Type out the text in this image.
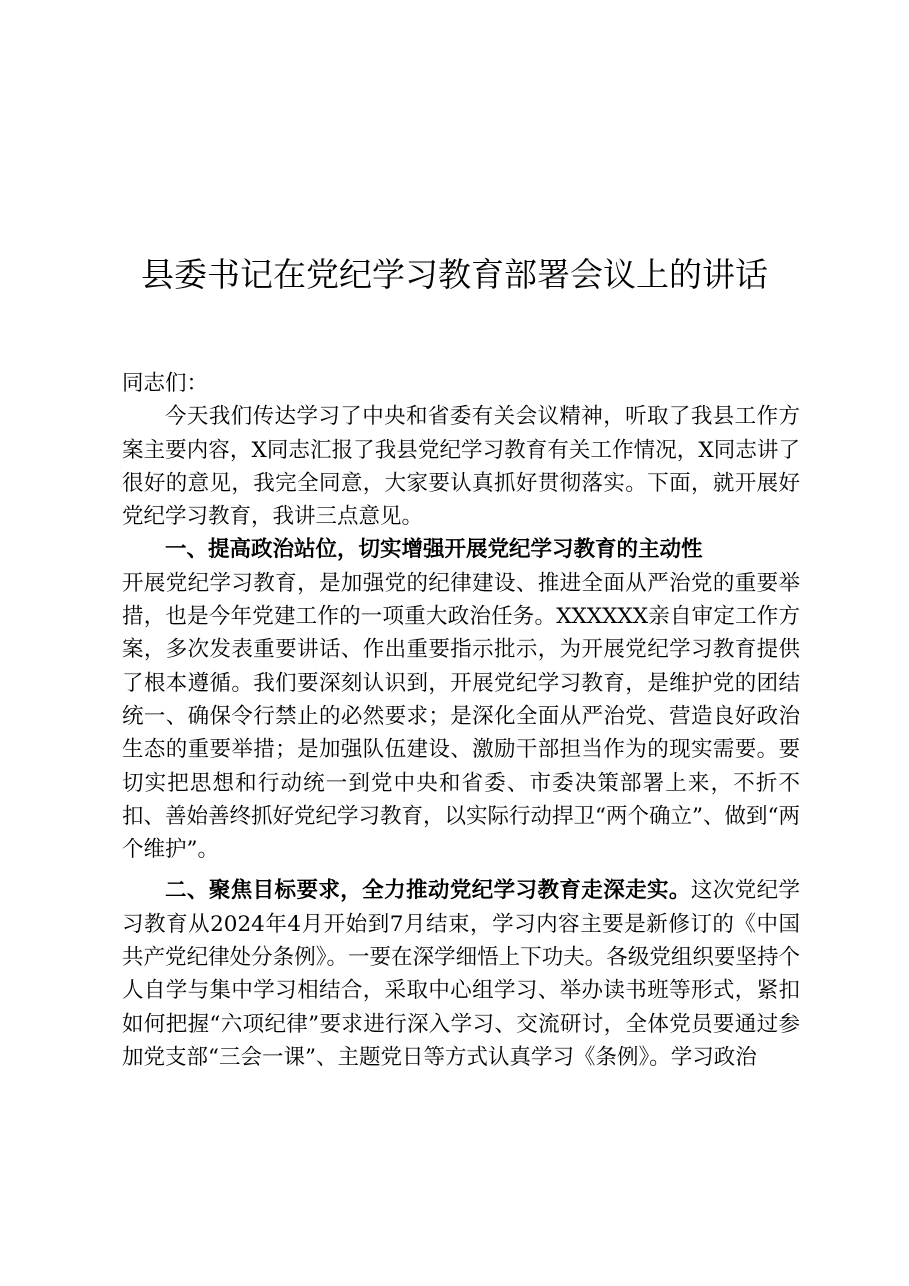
县委书记在党纪学习教育部署会议上的讲话

同志们：

今天我们传达学习了中央和省委有关会议精神，听取了我县工作方案主要内容，X同志汇报了我县党纪学习教育有关工作情况，X同志讲了很好的意见，我完全同意，大家要认真抓好贯彻落实。下面，就开展好党纪学习教育，我讲三点意见。

一、提高政治站位，切实增强开展党纪学习教育的主动性

开展党纪学习教育，是加强党的纪律建设、推进全面从严治党的重要举措，也是今年党建工作的一项重大政治任务。XXXXXX亲自审定工作方案，多次发表重要讲话、作出重要指示批示，为开展党纪学习教育提供了根本遵循。我们要深刻认识到，开展党纪学习教育，是维护党的团结统一、确保令行禁止的必然要求；是深化全面从严治党、营造良好政治生态的重要举措；是加强队伍建设、激励干部担当作为的现实需要。要切实把思想和行动统一到党中央和省委、市委决策部署上来，不折不扣、善始善终抓好党纪学习教育，以实际行动捍卫“两个确立”、做到“两个维护”。

二、聚焦目标要求，全力推动党纪学习教育走深走实。这次党纪学习教育从2024年4月开始到7月结束，学习内容主要是新修订的《中国共产党纪律处分条例》。一要在深学细悟上下功夫。各级党组织要坚持个人自学与集中学习相结合，采取中心组学习、举办读书班等形式，紧扣如何把握“六项纪律”要求进行深入学习、交流研讨，全体党员要通过参加党支部“三会一课”、主题党日等方式认真学习《条例》。学习政治
